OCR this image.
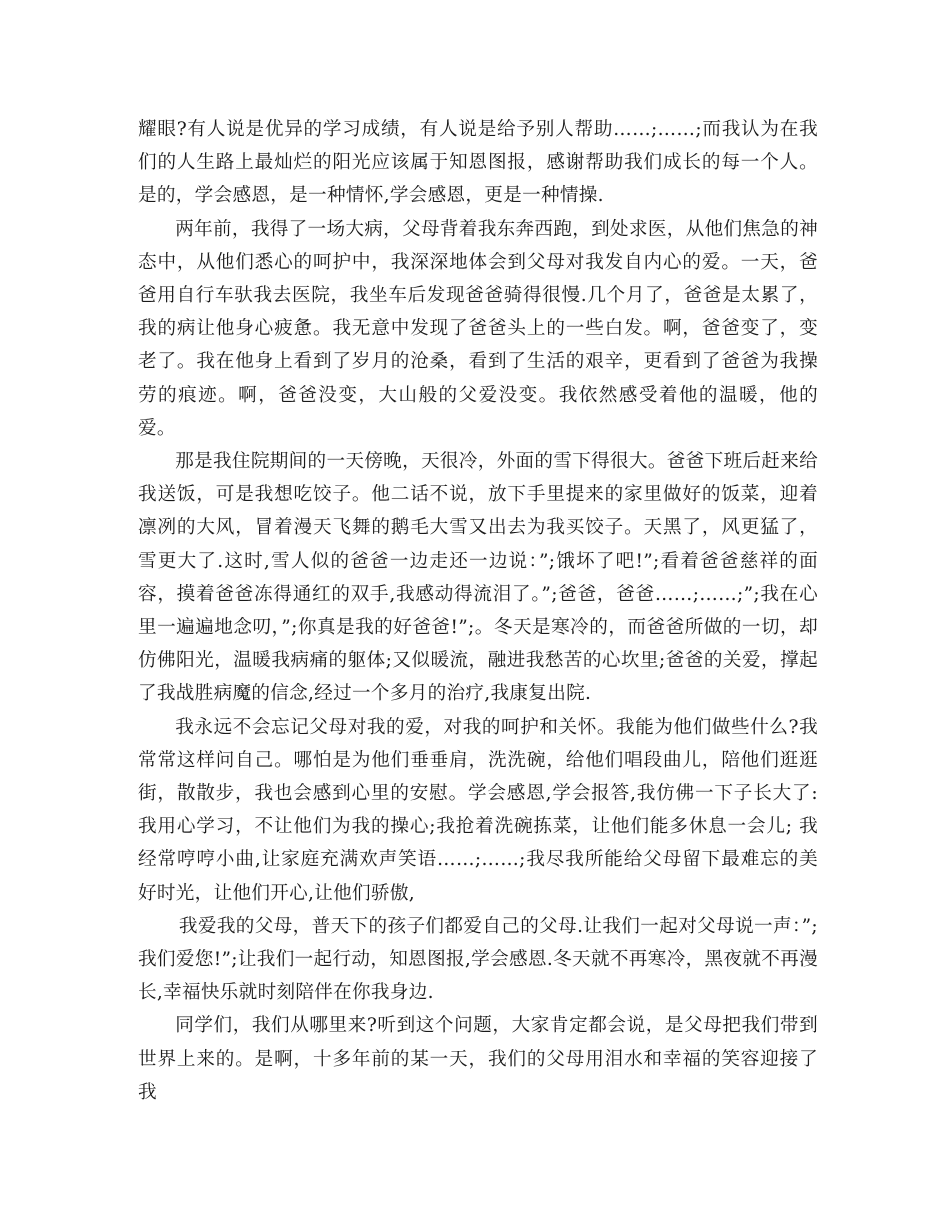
耀眼?有人说是优异的学习成绩，有人说是给予别人帮助……;……;而我认为在我们的人生路上最灿烂的阳光应该属于知恩图报，感谢帮助我们成长的每一个人。是的，学会感恩，是一种情怀,学会感恩，更是一种情操.

两年前，我得了一场大病，父母背着我东奔西跑，到处求医，从他们焦急的神态中，从他们悉心的呵护中，我深深地体会到父母对我发自内心的爱。一天，爸爸用自行车驮我去医院，我坐车后发现爸爸骑得很慢.几个月了，爸爸是太累了，我的病让他身心疲惫。我无意中发现了爸爸头上的一些白发。啊，爸爸变了，变老了。我在他身上看到了岁月的沧桑，看到了生活的艰辛，更看到了爸爸为我操劳的痕迹。啊，爸爸没变，大山般的父爱没变。我依然感受着他的温暖，他的爱。

那是我住院期间的一天傍晚，天很冷，外面的雪下得很大。爸爸下班后赶来给我送饭，可是我想吃饺子。他二话不说，放下手里提来的家里做好的饭菜，迎着凛冽的大风，冒着漫天飞舞的鹅毛大雪又出去为我买饺子。天黑了，风更猛了，雪更大了.这时,雪人似的爸爸一边走还一边说：”;饿坏了吧!”;看着爸爸慈祥的面容，摸着爸爸冻得通红的双手,我感动得流泪了。”;爸爸，爸爸……;……;”;我在心里一遍遍地念叨，”;你真是我的好爸爸!”;。冬天是寒冷的，而爸爸所做的一切，却仿佛阳光，温暖我病痛的躯体;又似暖流，融进我愁苦的心坎里;爸爸的关爱，撑起了我战胜病魔的信念,经过一个多月的治疗,我康复出院.

我永远不会忘记父母对我的爱，对我的呵护和关怀。我能为他们做些什么?我常常这样问自己。哪怕是为他们垂垂肩，洗洗碗，给他们唱段曲儿，陪他们逛逛街，散散步，我也会感到心里的安慰。学会感恩,学会报答,我仿佛一下子长大了:我用心学习，不让他们为我的操心;我抢着洗碗拣菜，让他们能多休息一会儿; 我经常哼哼小曲,让家庭充满欢声笑语……;……;我尽我所能给父母留下最难忘的美好时光，让他们开心,让他们骄傲,

我爱我的父母，普天下的孩子们都爱自己的父母.让我们一起对父母说一声：”;我们爱您!”;让我们一起行动，知恩图报,学会感恩.冬天就不再寒冷，黑夜就不再漫长,幸福快乐就时刻陪伴在你我身边.

同学们，我们从哪里来?听到这个问题，大家肯定都会说，是父母把我们带到世界上来的。是啊，十多年前的某一天，我们的父母用泪水和幸福的笑容迎接了我
